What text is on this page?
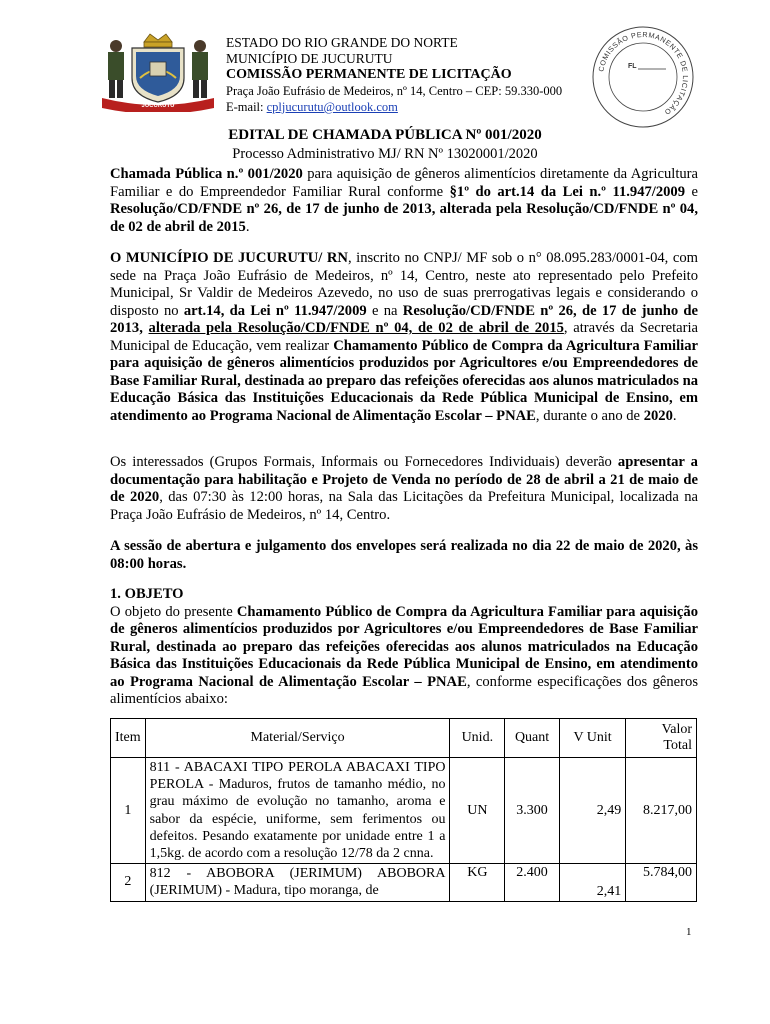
JUCURUTU
ESTADO DO RIO GRANDE DO NORTE
MUNICÍPIO DE JUCURUTU
COMISSÃO PERMANENTE DE LICITAÇÃO
Praça João Eufrásio de Medeiros, nº 14, Centro – CEP: 59.330-000
E-mail: cpljucurutu@outlook.com
COMISSÃO PERMANENTE DE LICITAÇÃO
FL
EDITAL DE CHAMADA PÚBLICA Nº 001/2020
Processo Administrativo MJ/ RN Nº 13020001/2020
Chamada Pública n.º 001/2020 para aquisição de gêneros alimentícios diretamente da Agricultura Familiar e do Empreendedor Familiar Rural conforme §1º do art.14 da Lei n.º 11.947/2009 e Resolução/CD/FNDE nº 26, de 17 de junho de 2013, alterada pela Resolução/CD/FNDE nº 04, de 02 de abril de 2015.
O MUNICÍPIO DE JUCURUTU/ RN, inscrito no CNPJ/ MF sob o n° 08.095.283/0001-04, com sede na Praça João Eufrásio de Medeiros, nº 14, Centro, neste ato representado pelo Prefeito Municipal, Sr Valdir de Medeiros Azevedo, no uso de suas prerrogativas legais e considerando o disposto no art.14, da Lei nº 11.947/2009 e na Resolução/CD/FNDE nº 26, de 17 de junho de 2013, alterada pela Resolução/CD/FNDE nº 04, de 02 de abril de 2015, através da Secretaria Municipal de Educação, vem realizar Chamamento Público de Compra da Agricultura Familiar para aquisição de gêneros alimentícios produzidos por Agricultores e/ou Empreendedores de Base Familiar Rural, destinada ao preparo das refeições oferecidas aos alunos matriculados na Educação Básica das Instituições Educacionais da Rede Pública Municipal de Ensino, em atendimento ao Programa Nacional de Alimentação Escolar – PNAE, durante o ano de 2020.
Os interessados (Grupos Formais, Informais ou Fornecedores Individuais) deverão apresentar a documentação para habilitação e Projeto de Venda no período de 28 de abril a 21 de maio de de 2020, das 07:30 às 12:00 horas, na Sala das Licitações da Prefeitura Municipal, localizada na Praça João Eufrásio de Medeiros, nº 14, Centro.
A sessão de abertura e julgamento dos envelopes será realizada no dia 22 de maio de 2020, às 08:00 horas.
1. OBJETO
O objeto do presente Chamamento Público de Compra da Agricultura Familiar para aquisição de gêneros alimentícios produzidos por Agricultores e/ou Empreendedores de Base Familiar Rural, destinada ao preparo das refeições oferecidas aos alunos matriculados na Educação Básica das Instituições Educacionais da Rede Pública Municipal de Ensino, em atendimento ao Programa Nacional de Alimentação Escolar – PNAE, conforme especificações dos gêneros alimentícios abaixo:
Item	Material/Serviço	Unid.	Quant	V Unit	Valor Total
1	811 - ABACAXI TIPO PEROLA ABACAXI TIPO PEROLA - Maduros, frutos de tamanho médio, no grau máximo de evolução no tamanho, aroma e sabor da espécie, uniforme, sem ferimentos ou defeitos. Pesando exatamente por unidade entre 1 a 1,5kg. de acordo com a resolução 12/78 da 2 cnna.	UN	3.300	2,49	8.217,00
2	812 - ABOBORA (JERIMUM) ABOBORA (JERIMUM) - Madura, tipo moranga, de	KG	2.400	2,41	5.784,00
1
